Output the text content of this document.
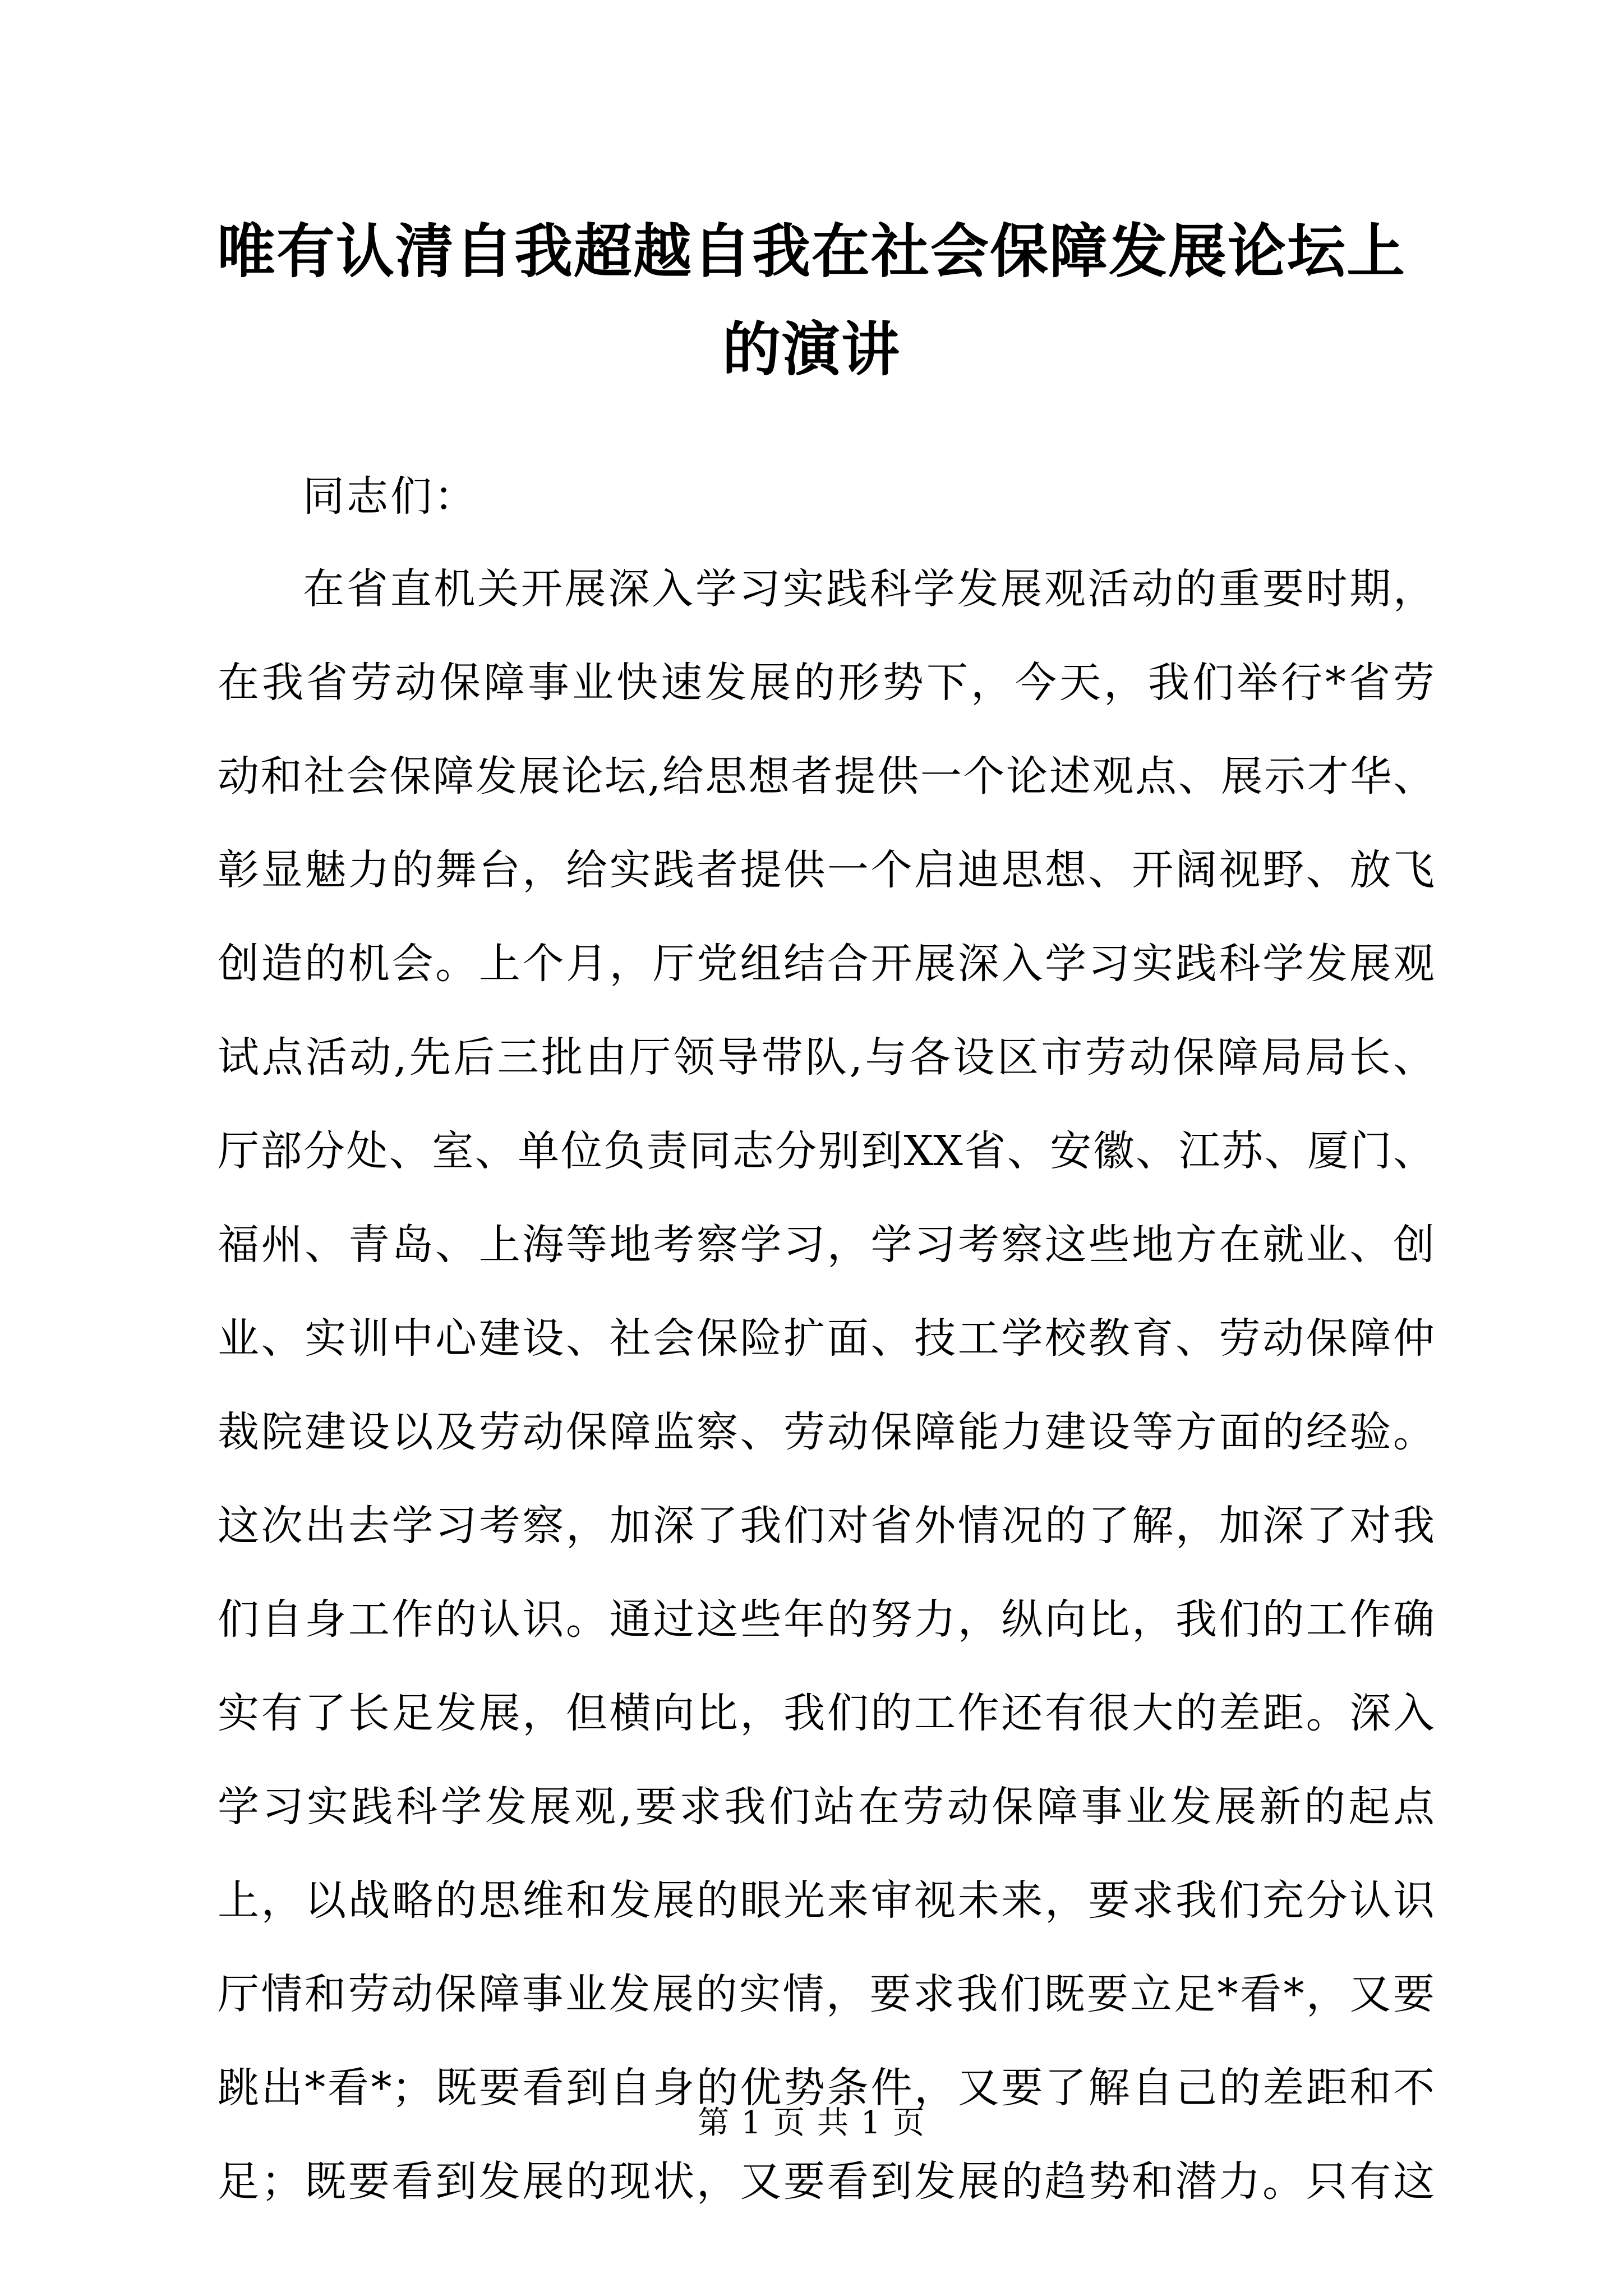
唯有认清自我超越自我在社会保障发展论坛上
的演讲

同志们：

在省直机关开展深入学习实践科学发展观活动的重要时期，
在我省劳动保障事业快速发展的形势下，今天，我们举行*省劳
动和社会保障发展论坛,给思想者提供一个论述观点、展示才华、
彰显魅力的舞台，给实践者提供一个启迪思想、开阔视野、放飞
创造的机会。上个月，厅党组结合开展深入学习实践科学发展观
试点活动,先后三批由厅领导带队,与各设区市劳动保障局局长、
厅部分处、室、单位负责同志分别到XX省、安徽、江苏、厦门、
福州、青岛、上海等地考察学习，学习考察这些地方在就业、创
业、实训中心建设、社会保险扩面、技工学校教育、劳动保障仲
裁院建设以及劳动保障监察、劳动保障能力建设等方面的经验。
这次出去学习考察，加深了我们对省外情况的了解，加深了对我
们自身工作的认识。通过这些年的努力，纵向比，我们的工作确
实有了长足发展，但横向比，我们的工作还有很大的差距。深入
学习实践科学发展观,要求我们站在劳动保障事业发展新的起点
上，以战略的思维和发展的眼光来审视未来，要求我们充分认识
厅情和劳动保障事业发展的实情，要求我们既要立足*看*，又要
跳出*看*；既要看到自身的优势条件，又要了解自己的差距和不
足；既要看到发展的现状，又要看到发展的趋势和潜力。只有这
第 1 页 共 1 页
